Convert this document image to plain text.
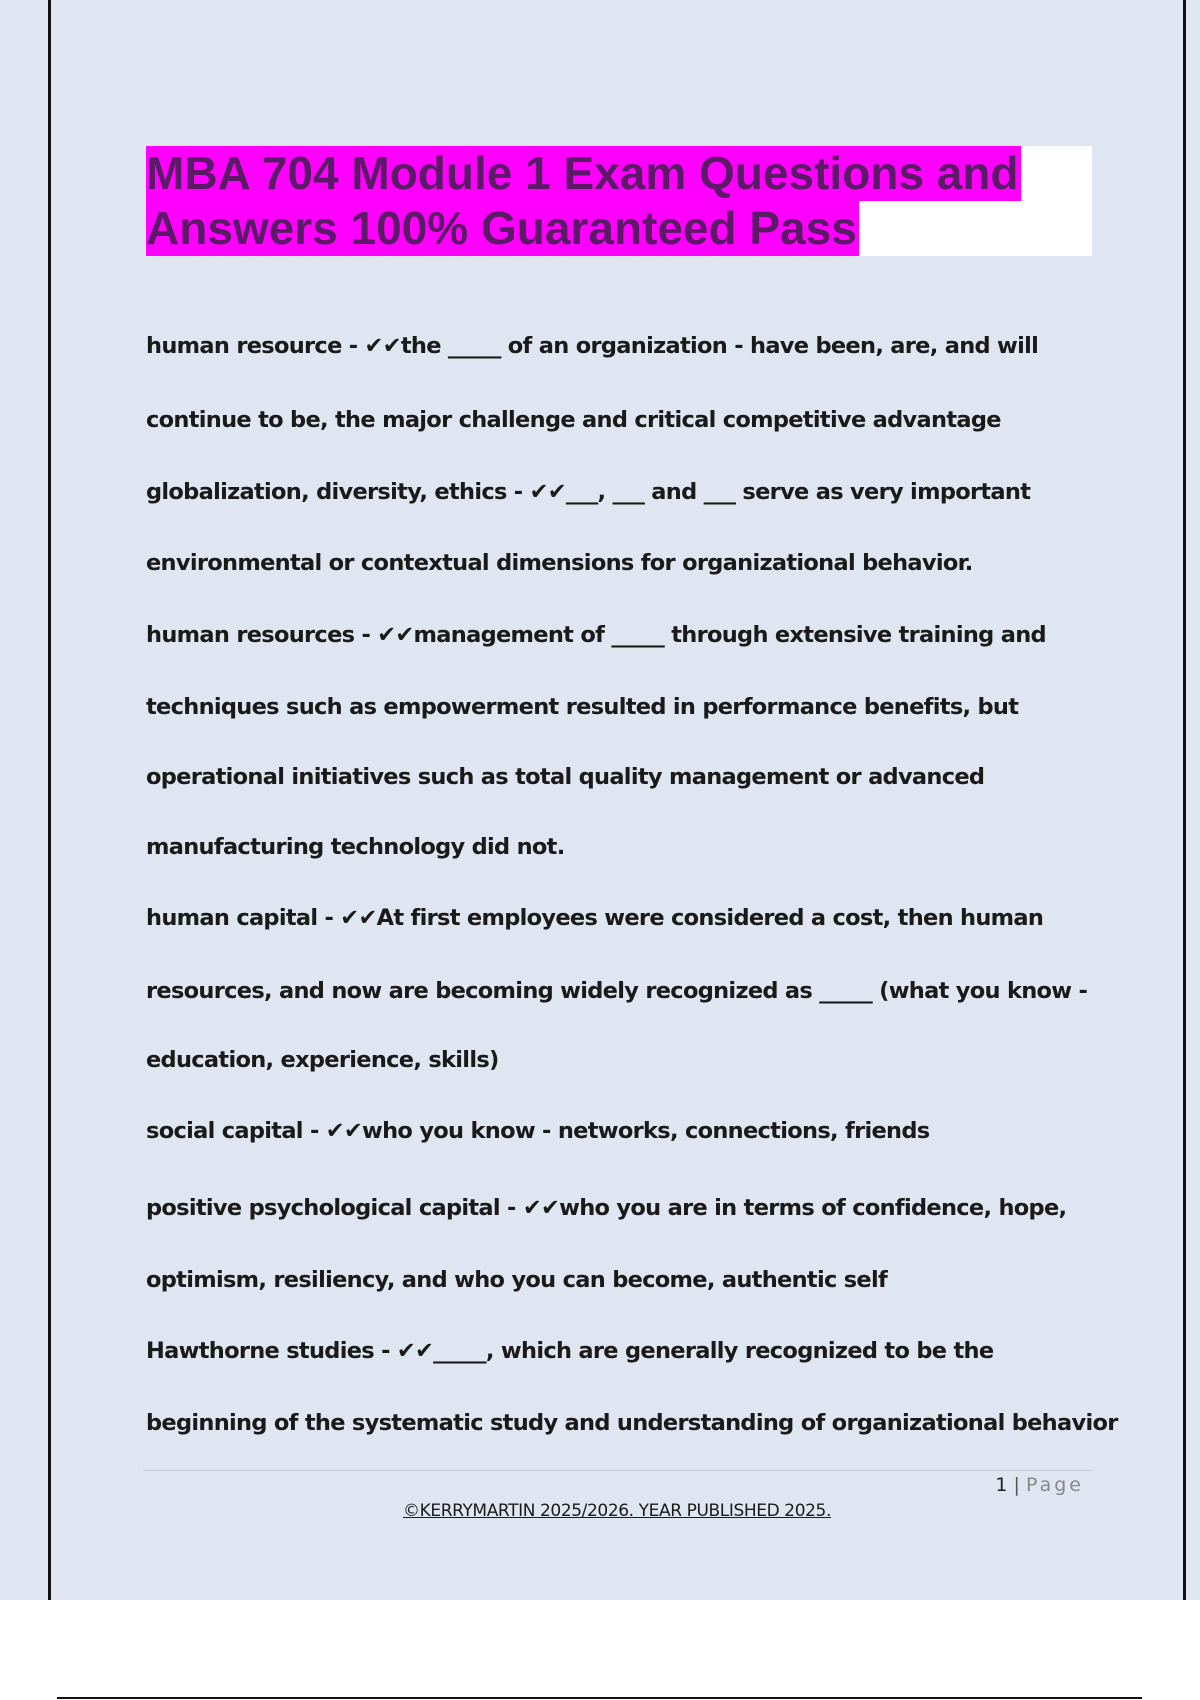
MBA 704 Module 1 Exam Questions and
Answers 100% Guaranteed Pass
human resource - ✔✔the _____ of an organization - have been, are, and will
continue to be, the major challenge and critical competitive advantage
globalization, diversity, ethics - ✔✔___, ___ and ___ serve as very important
environmental or contextual dimensions for organizational behavior.
human resources - ✔✔management of _____ through extensive training and
techniques such as empowerment resulted in performance benefits, but
operational initiatives such as total quality management or advanced
manufacturing technology did not.
human capital - ✔✔At first employees were considered a cost, then human
resources, and now are becoming widely recognized as _____ (what you know -
education, experience, skills)
social capital - ✔✔who you know - networks, connections, friends
positive psychological capital - ✔✔who you are in terms of confidence, hope,
optimism, resiliency, and who you can become, authentic self
Hawthorne studies - ✔✔_____, which are generally recognized to be the
beginning of the systematic study and understanding of organizational behavior
1 | Page
©KERRYMARTIN 2025/2026. YEAR PUBLISHED 2025.
